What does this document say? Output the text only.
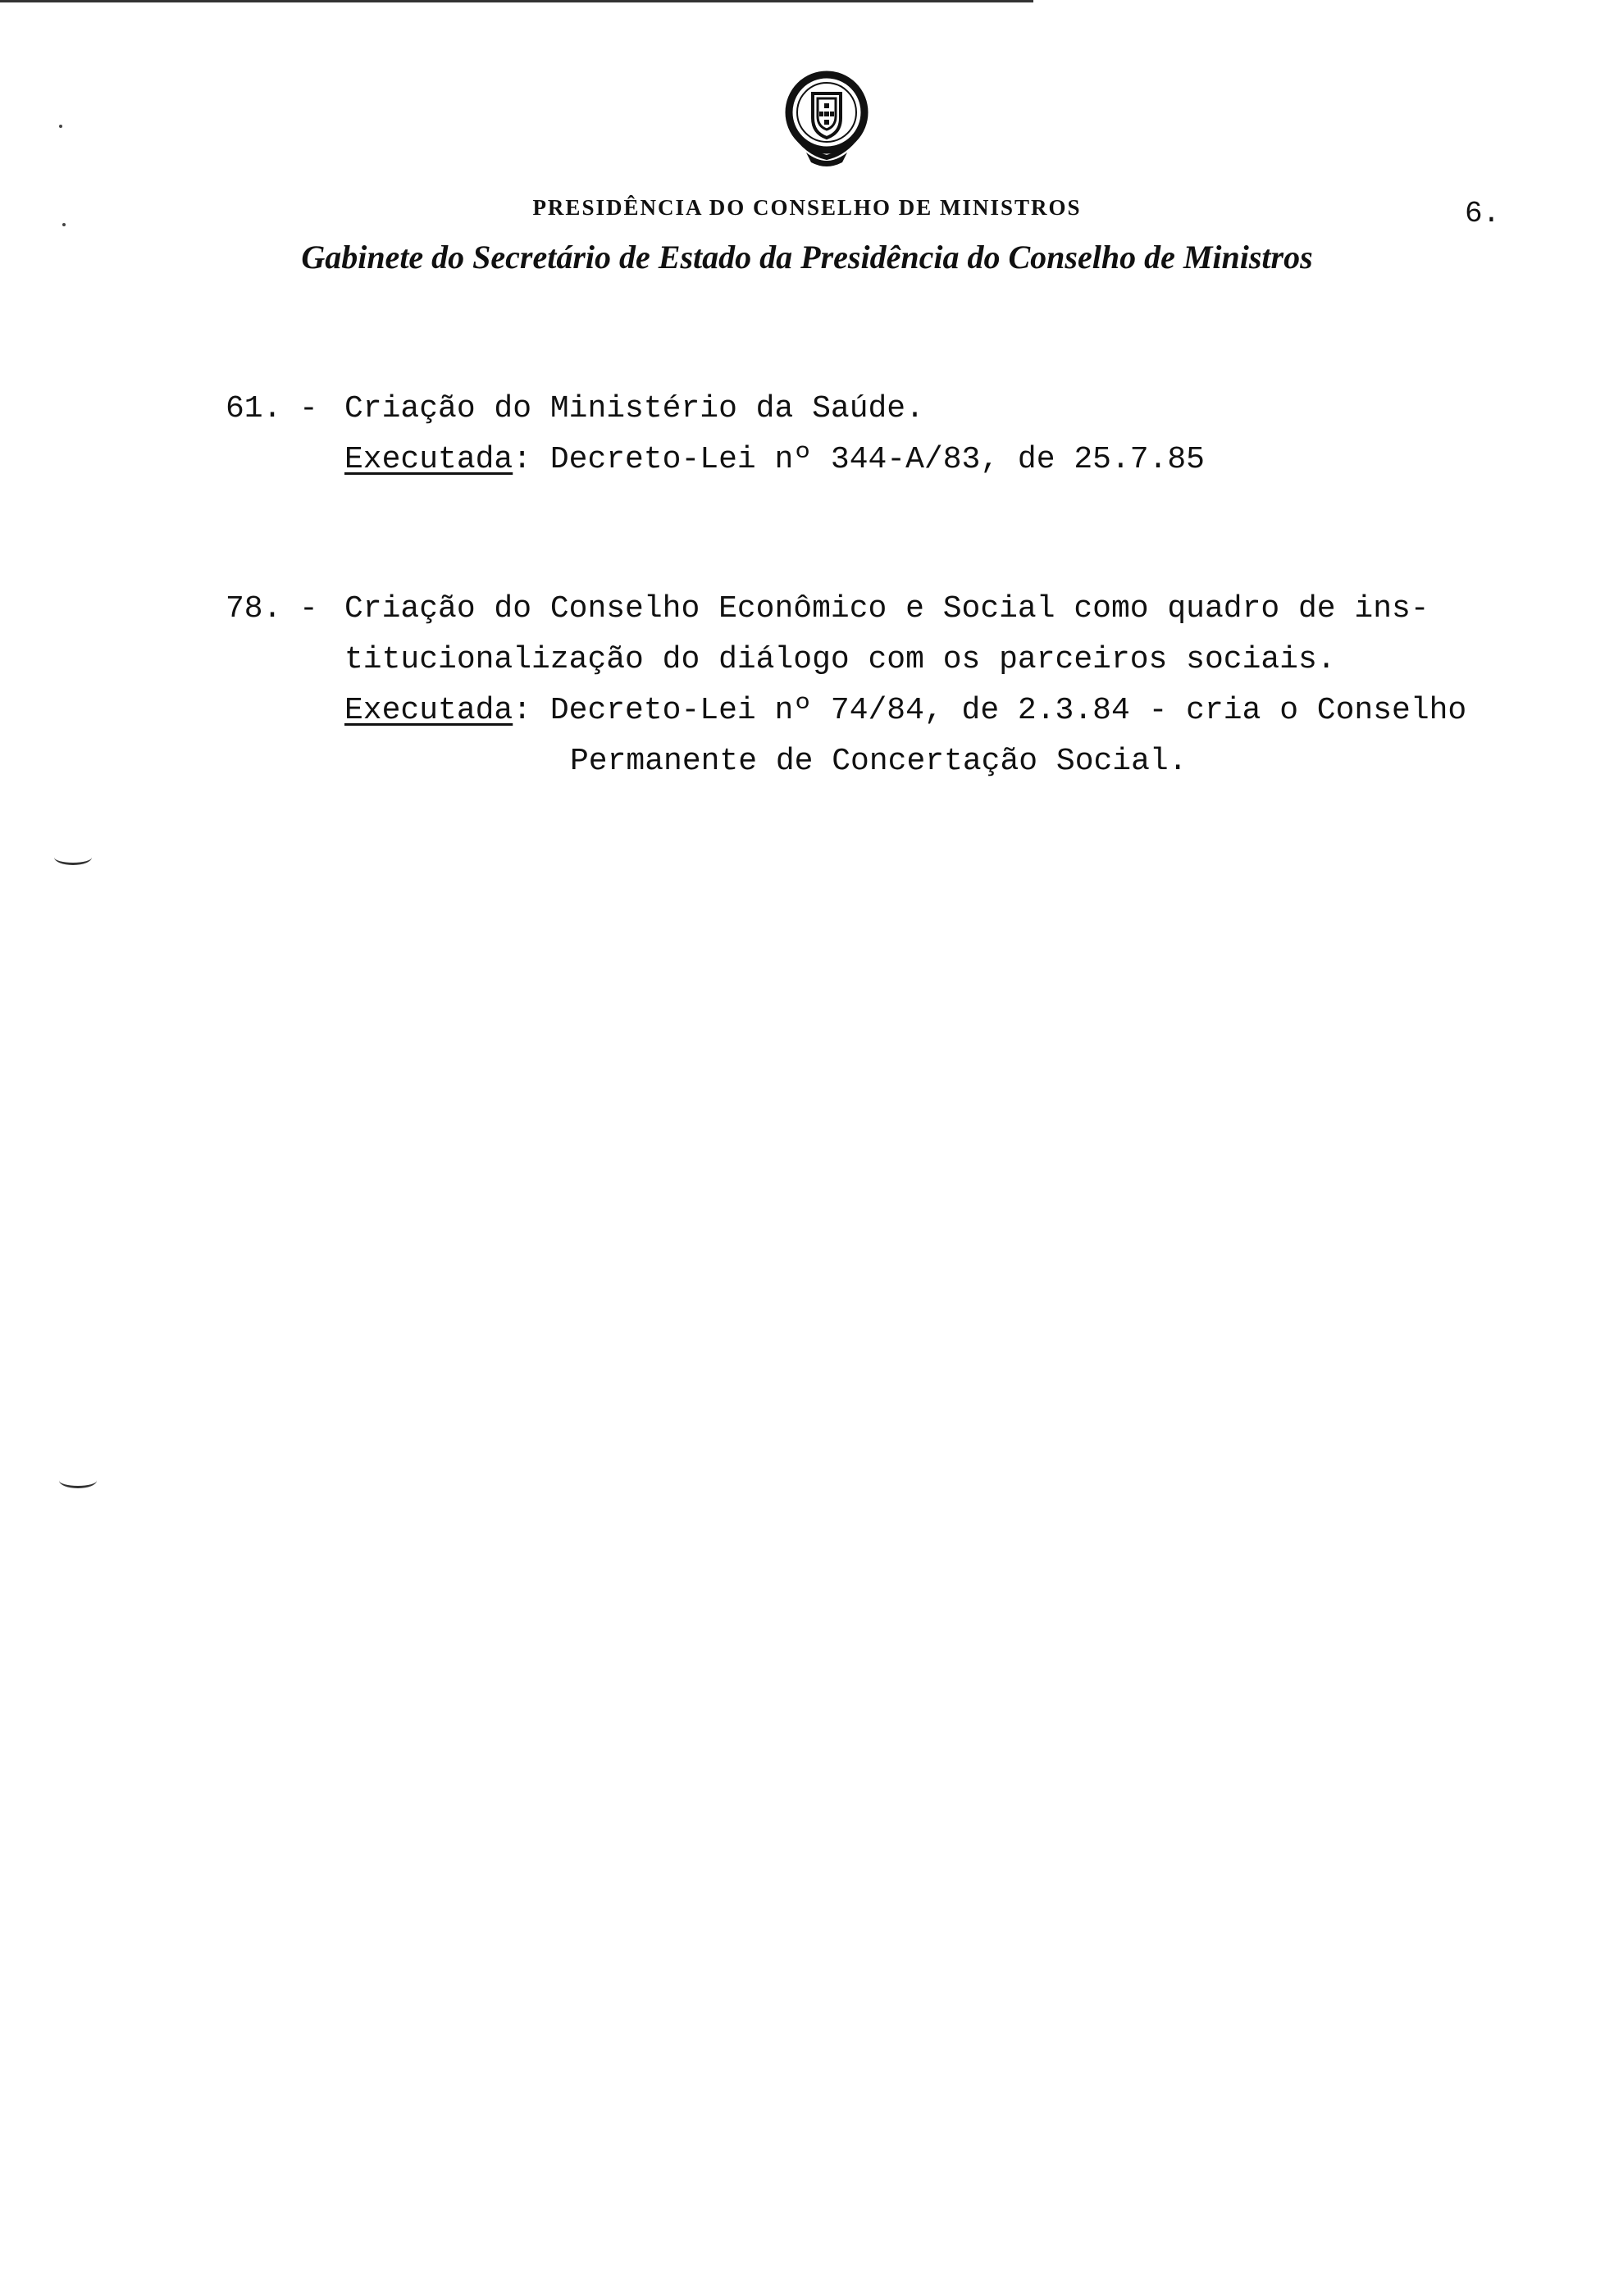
PRESIDÊNCIA DO CONSELHO DE MINISTROS	6.
Gabinete do Secretário de Estado da Presidência do Conselho de Ministros
61. - Criação do Ministério da Saúde.
Executada: Decreto-Lei nº 344-A/83, de 25.7.85
78. - Criação do Conselho Econômico e Social como quadro de ins-
titucionalização do diálogo com os parceiros sociais.
Executada: Decreto-Lei nº 74/84, de 2.3.84 - cria o Conselho
Permanente de Concertação Social.
